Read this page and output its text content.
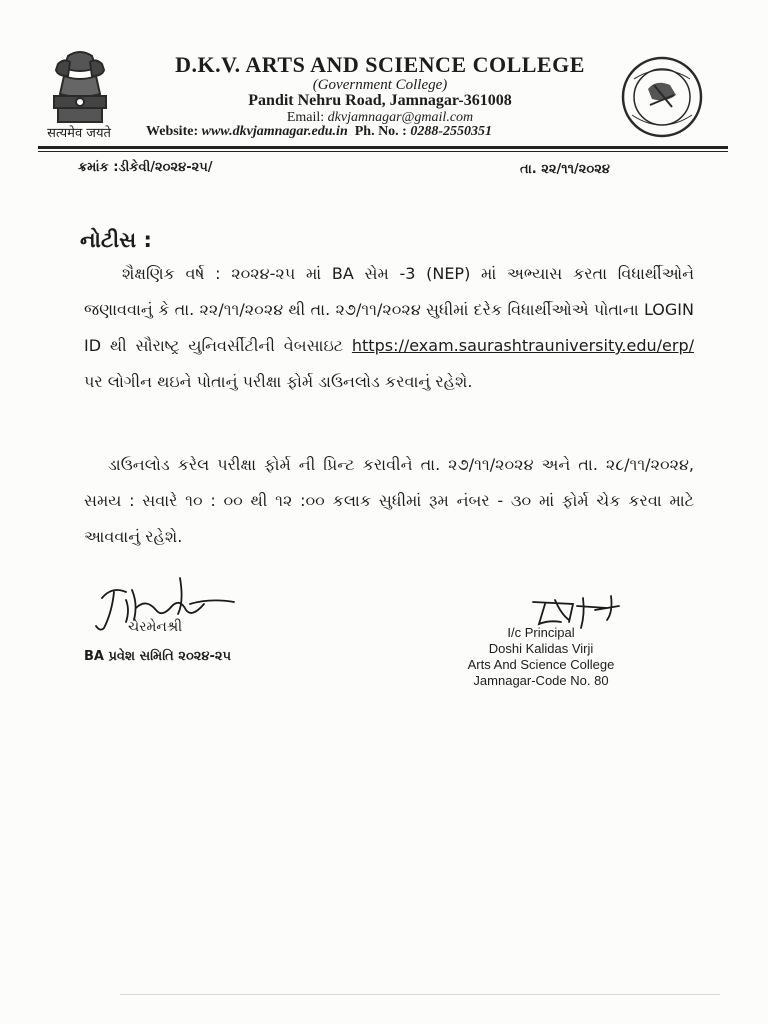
सत्यमेव जयते
D.K.V. ARTS AND SCIENCE COLLEGE
(Government College)
Pandit Nehru Road, Jamnagar-361008
Email: dkvjamnagar@gmail.com
Website: www.dkvjamnagar.edu.in Ph. No. : 0288-2550351
ક્રમાંક :ડીકેવી/૨૦૨૪-૨૫/	તા. ૨૨/૧૧/૨૦૨૪
નોટીસ :
શૈક્ષણિક વર્ષ : ૨૦૨૪-૨૫ માં BA સેમ -3 (NEP) માં અભ્યાસ કરતા વિધાર્થીઓને જણાવવાનું કે તા. ૨૨/૧૧/૨૦૨૪ થી તા. ૨૭/૧૧/૨૦૨૪ સુધીમાં દરેક વિધાર્થીઓએ પોતાના LOGIN ID થી સૌરાષ્ટ્ર યુનિવર્સીટીની વેબસાઇટ https://exam.saurashtrauniversity.edu/erp/ પર લોગીન થઇને પોતાનું પરીક્ષા ફોર્મ ડાઉનલોડ કરવાનું રહેશે.
ડાઉનલોડ કરેલ પરીક્ષા ફોર્મ ની પ્રિન્ટ કરાવીને તા. ૨૭/૧૧/૨૦૨૪ અને તા. ૨૮/૧૧/૨૦૨૪, સમય : સવારે ૧૦ : ૦૦ થી ૧૨ :૦૦ કલાક સુધીમાં રૂમ નંબર - ૩૦ માં ફોર્મ ચેક કરવા માટે આવવાનું રહેશે.
ચેરમેનશ્રી
BA પ્રવેશ સમિતિ ૨૦૨૪-૨૫
I/c Principal
Doshi Kalidas Virji
Arts And Science College
Jamnagar-Code No. 80
